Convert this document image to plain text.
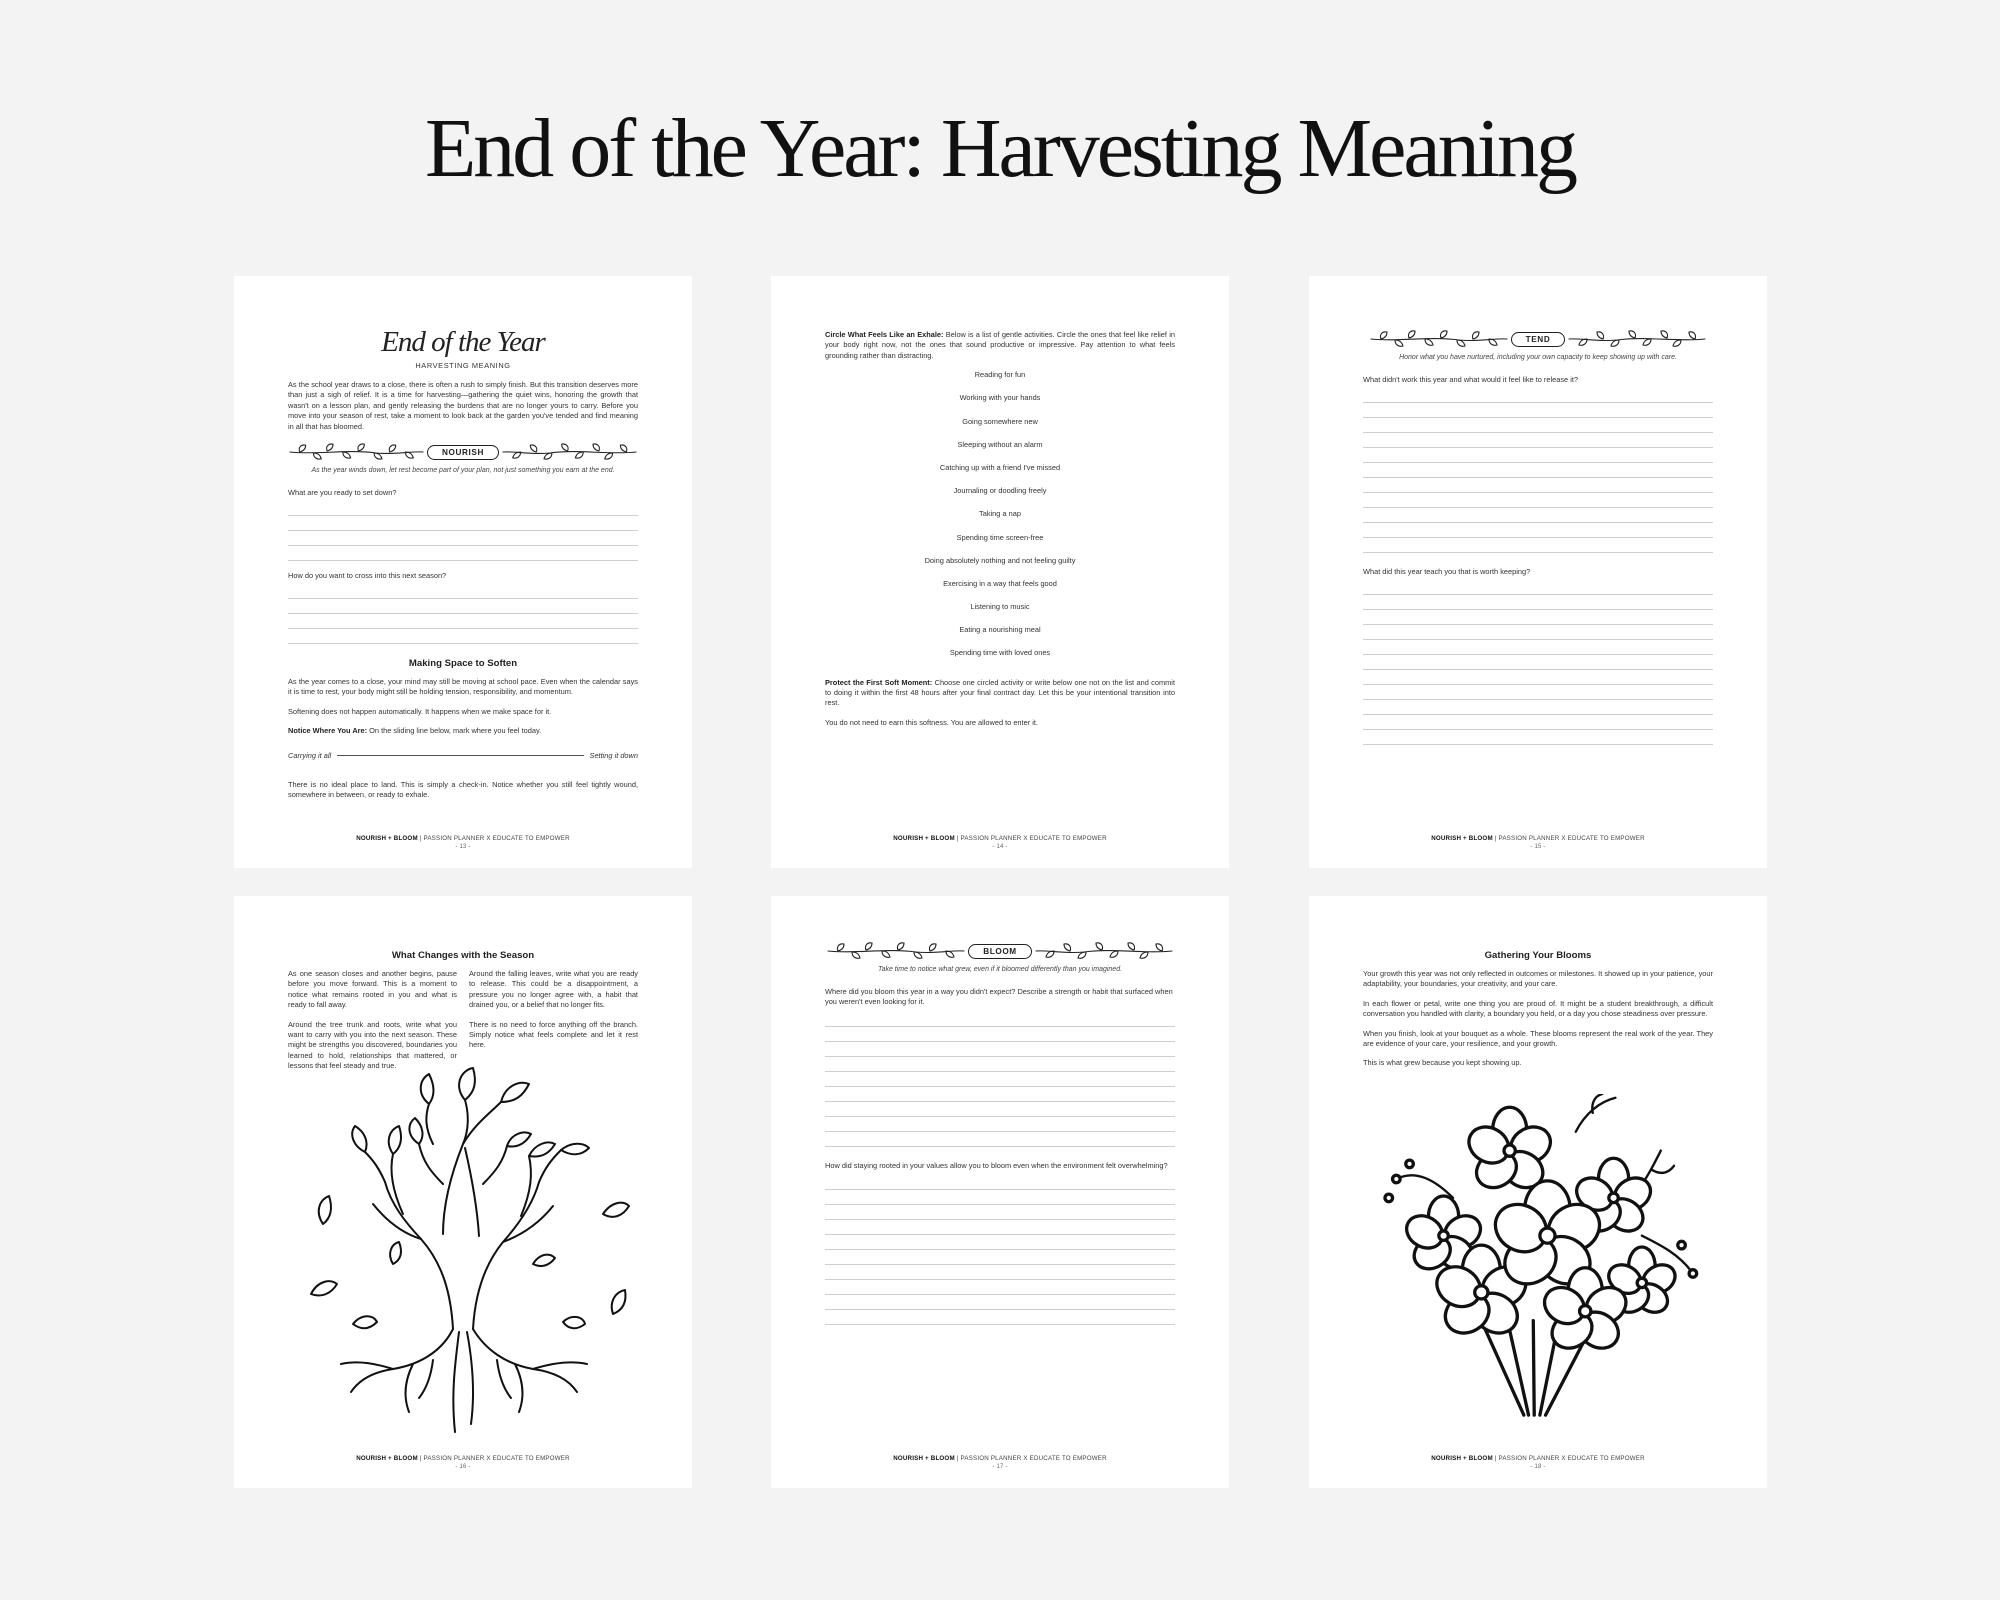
End of the Year: Harvesting Meaning
End of the Year
HARVESTING MEANING

As the school year draws to a close, there is often a rush to simply finish. But this transition deserves more than just a sigh of relief. It is a time for harvesting—gathering the quiet wins, honoring the growth that wasn't on a lesson plan, and gently releasing the burdens that are no longer yours to carry. Before you move into your season of rest, take a moment to look back at the garden you've tended and find meaning in all that has bloomed.

NOURISH
As the year winds down, let rest become part of your plan, not just something you earn at the end.
What are you ready to set down?
How do you want to cross into this next season?
Making Space to Soften

As the year comes to a close, your mind may still be moving at school pace. Even when the calendar says it is time to rest, your body might still be holding tension, responsibility, and momentum.

Softening does not happen automatically. It happens when we make space for it.

Notice Where You Are: On the sliding line below, mark where you feel today.

Carrying it all	Setting it down

There is no ideal place to land. This is simply a check-in. Notice whether you still feel tightly wound, somewhere in between, or ready to exhale.

NOURISH + BLOOM | PASSION PLANNER X EDUCATE TO EMPOWER
- 13 -

Circle What Feels Like an Exhale: Below is a list of gentle activities. Circle the ones that feel like relief in your body right now, not the ones that sound productive or impressive. Pay attention to what feels grounding rather than distracting.

Reading for fun
Working with your hands
Going somewhere new
Sleeping without an alarm
Catching up with a friend I've missed
Journaling or doodling freely
Taking a nap
Spending time screen-free
Doing absolutely nothing and not feeling guilty
Exercising in a way that feels good
Listening to music
Eating a nourishing meal
Spending time with loved ones

Protect the First Soft Moment: Choose one circled activity or write below one not on the list and commit to doing it within the first 48 hours after your final contract day. Let this be your intentional transition into rest.

You do not need to earn this softness. You are allowed to enter it.

NOURISH + BLOOM | PASSION PLANNER X EDUCATE TO EMPOWER
- 14 -
TEND
Honor what you have nurtured, including your own capacity to keep showing up with care.
What didn't work this year and what would it feel like to release it?
What did this year teach you that is worth keeping?
NOURISH + BLOOM | PASSION PLANNER X EDUCATE TO EMPOWER
- 15 -
What Changes with the Season

As one season closes and another begins, pause before you move forward. This is a moment to notice what remains rooted in you and what is ready to fall away.

Around the tree trunk and roots, write what you want to carry with you into the next season. These might be strengths you discovered, boundaries you learned to hold, relationships that mattered, or lessons that feel steady and true.

Around the falling leaves, write what you are ready to release. This could be a disappointment, a pressure you no longer agree with, a habit that drained you, or a belief that no longer fits.

There is no need to force anything off the branch. Simply notice what feels complete and let it rest here.

NOURISH + BLOOM | PASSION PLANNER X EDUCATE TO EMPOWER
- 16 -
BLOOM
Take time to notice what grew, even if it bloomed differently than you imagined.
Where did you bloom this year in a way you didn't expect? Describe a strength or habit that surfaced when you weren't even looking for it.
How did staying rooted in your values allow you to bloom even when the environment felt overwhelming?
NOURISH + BLOOM | PASSION PLANNER X EDUCATE TO EMPOWER
- 17 -
Gathering Your Blooms

Your growth this year was not only reflected in outcomes or milestones. It showed up in your patience, your adaptability, your boundaries, your creativity, and your care.

In each flower or petal, write one thing you are proud of. It might be a student breakthrough, a difficult conversation you handled with clarity, a boundary you held, or a day you chose steadiness over pressure.

When you finish, look at your bouquet as a whole. These blooms represent the real work of the year. They are evidence of your care, your resilience, and your growth.

This is what grew because you kept showing up.

NOURISH + BLOOM | PASSION PLANNER X EDUCATE TO EMPOWER
- 18 -
